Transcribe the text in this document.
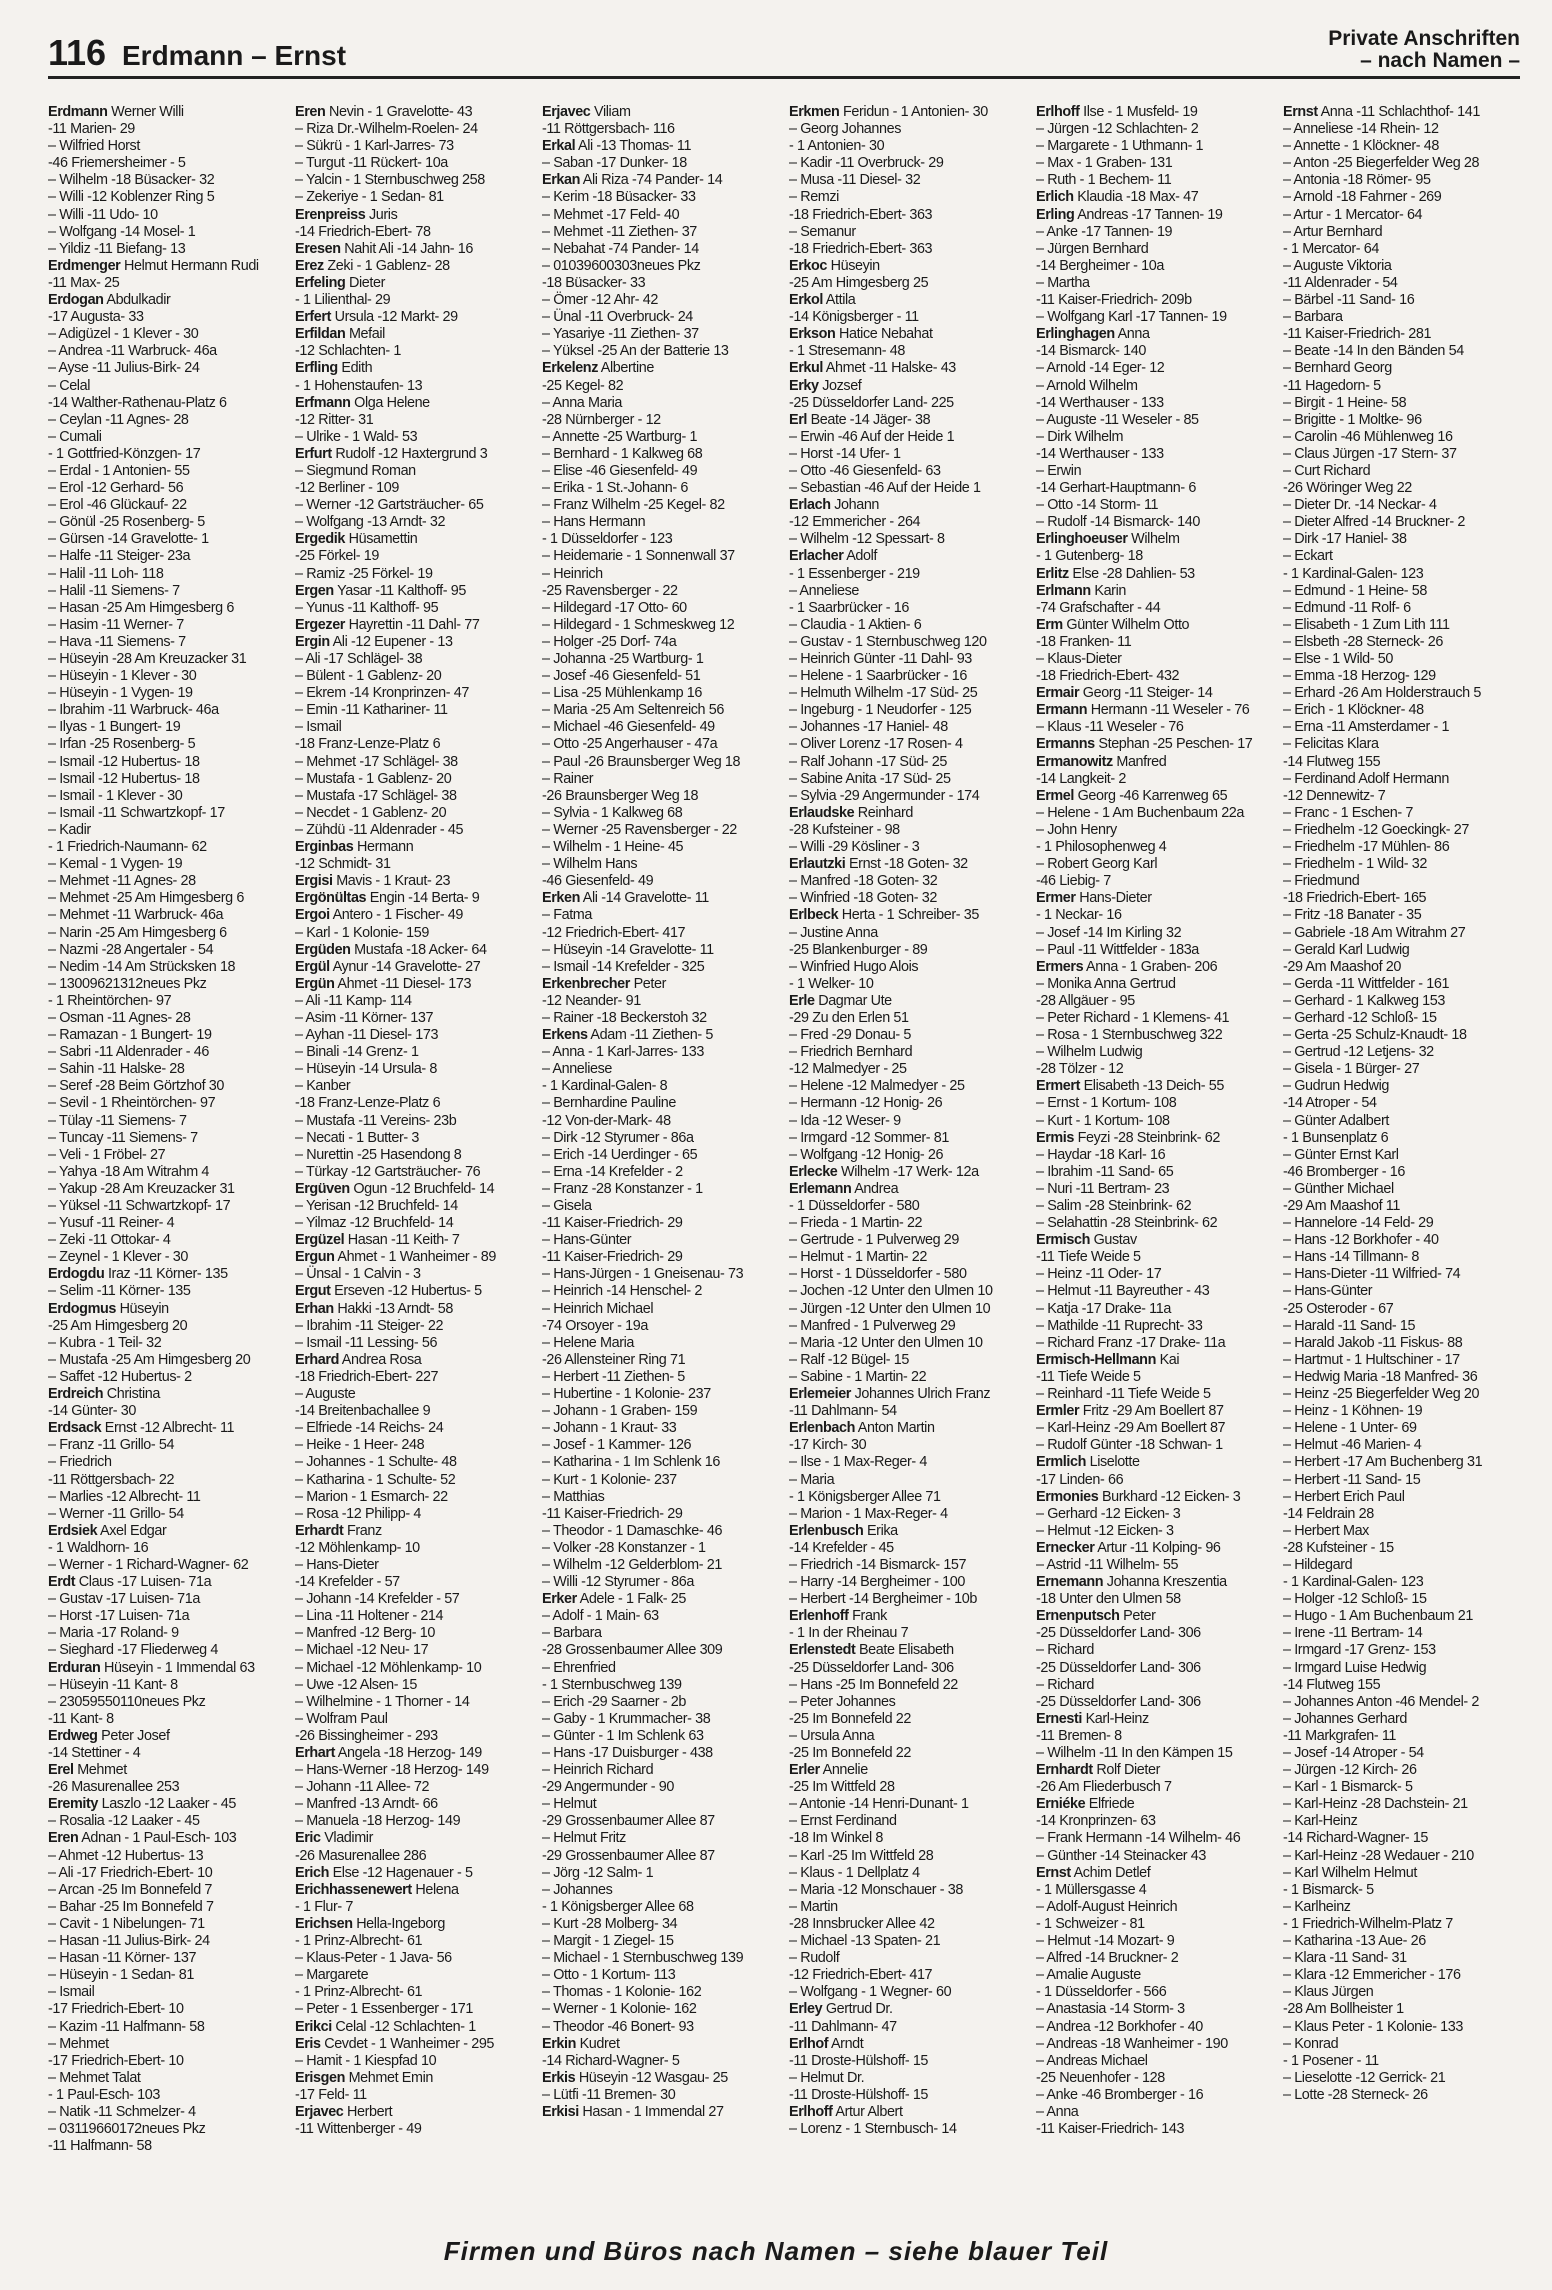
116 Erdmann – Ernst
Private Anschriften
– nach Namen –

Erdmann Werner Willi

-11 Marien- 29

– Wilfried Horst

-46 Friemersheimer - 5

– Wilhelm -18 Büsacker- 32

– Willi -12 Koblenzer Ring 5

– Willi -11 Udo- 10

– Wolfgang -14 Mosel- 1

– Yildiz -11 Biefang- 13

Erdmenger Helmut Hermann Rudi

-11 Max- 25

Erdogan Abdulkadir

-17 Augusta- 33

– Adigüzel - 1 Klever - 30

– Andrea -11 Warbruck- 46a

– Ayse -11 Julius-Birk- 24

– Celal

-14 Walther-Rathenau-Platz 6

– Ceylan -11 Agnes- 28

– Cumali

- 1 Gottfried-Könzgen- 17

– Erdal - 1 Antonien- 55

– Erol -12 Gerhard- 56

– Erol -46 Glückauf- 22

– Gönül -25 Rosenberg- 5

– Gürsen -14 Gravelotte- 1

– Halfe -11 Steiger- 23a

– Halil -11 Loh- 118

– Halil -11 Siemens- 7

– Hasan -25 Am Himgesberg 6

– Hasim -11 Werner- 7

– Hava -11 Siemens- 7

– Hüseyin -28 Am Kreuzacker 31

– Hüseyin - 1 Klever - 30

– Hüseyin - 1 Vygen- 19

– Ibrahim -11 Warbruck- 46a

– Ilyas - 1 Bungert- 19

– Irfan -25 Rosenberg- 5

– Ismail -12 Hubertus- 18

– Ismail -12 Hubertus- 18

– Ismail - 1 Klever - 30

– Ismail -11 Schwartzkopf- 17

– Kadir

- 1 Friedrich-Naumann- 62

– Kemal - 1 Vygen- 19

– Mehmet -11 Agnes- 28

– Mehmet -25 Am Himgesberg 6

– Mehmet -11 Warbruck- 46a

– Narin -25 Am Himgesberg 6

– Nazmi -28 Angertaler - 54

– Nedim -14 Am Strücksken 18

– 13009621312neues Pkz

- 1 Rheintörchen- 97

– Osman -11 Agnes- 28

– Ramazan - 1 Bungert- 19

– Sabri -11 Aldenrader - 46

– Sahin -11 Halske- 28

– Seref -28 Beim Görtzhof 30

– Sevil - 1 Rheintörchen- 97

– Tülay -11 Siemens- 7

– Tuncay -11 Siemens- 7

– Veli - 1 Fröbel- 27

– Yahya -18 Am Witrahm 4

– Yakup -28 Am Kreuzacker 31

– Yüksel -11 Schwartzkopf- 17

– Yusuf -11 Reiner- 4

– Zeki -11 Ottokar- 4

– Zeynel - 1 Klever - 30

Erdogdu Iraz -11 Körner- 135

– Selim -11 Körner- 135

Erdogmus Hüseyin

-25 Am Himgesberg 20

– Kubra - 1 Teil- 32

– Mustafa -25 Am Himgesberg 20

– Saffet -12 Hubertus- 2

Erdreich Christina

-14 Günter- 30

Erdsack Ernst -12 Albrecht- 11

– Franz -11 Grillo- 54

– Friedrich

-11 Röttgersbach- 22

– Marlies -12 Albrecht- 11

– Werner -11 Grillo- 54

Erdsiek Axel Edgar

- 1 Waldhorn- 16

– Werner - 1 Richard-Wagner- 62

Erdt Claus -17 Luisen- 71a

– Gustav -17 Luisen- 71a

– Horst -17 Luisen- 71a

– Maria -17 Roland- 9

– Sieghard -17 Fliederweg 4

Erduran Hüseyin - 1 Immendal 63

– Hüseyin -11 Kant- 8

– 23059550110neues Pkz

-11 Kant- 8

Erdweg Peter Josef

-14 Stettiner - 4

Erel Mehmet

-26 Masurenallee 253

Eremity Laszlo -12 Laaker - 45

– Rosalia -12 Laaker - 45

Eren Adnan - 1 Paul-Esch- 103

– Ahmet -12 Hubertus- 13

– Ali -17 Friedrich-Ebert- 10

– Arcan -25 Im Bonnefeld 7

– Bahar -25 Im Bonnefeld 7

– Cavit - 1 Nibelungen- 71

– Hasan -11 Julius-Birk- 24

– Hasan -11 Körner- 137

– Hüseyin - 1 Sedan- 81

– Ismail

-17 Friedrich-Ebert- 10

– Kazim -11 Halfmann- 58

– Mehmet

-17 Friedrich-Ebert- 10

– Mehmet Talat

- 1 Paul-Esch- 103

– Natik -11 Schmelzer- 4

– 03119660172neues Pkz

-11 Halfmann- 58

Eren Nevin - 1 Gravelotte- 43

– Riza Dr.-Wilhelm-Roelen- 24

– Sükrü - 1 Karl-Jarres- 73

– Turgut -11 Rückert- 10a

– Yalcin - 1 Sternbuschweg 258

– Zekeriye - 1 Sedan- 81

Erenpreiss Juris

-14 Friedrich-Ebert- 78

Eresen Nahit Ali -14 Jahn- 16

Erez Zeki - 1 Gablenz- 28

Erfeling Dieter

- 1 Lilienthal- 29

Erfert Ursula -12 Markt- 29

Erfildan Mefail

-12 Schlachten- 1

Erfling Edith

- 1 Hohenstaufen- 13

Erfmann Olga Helene

-12 Ritter- 31

– Ulrike - 1 Wald- 53

Erfurt Rudolf -12 Haxtergrund 3

– Siegmund Roman

-12 Berliner - 109

– Werner -12 Gartsträucher- 65

– Wolfgang -13 Arndt- 32

Ergedik Hüsamettin

-25 Förkel- 19

– Ramiz -25 Förkel- 19

Ergen Yasar -11 Kalthoff- 95

– Yunus -11 Kalthoff- 95

Ergezer Hayrettin -11 Dahl- 77

Ergin Ali -12 Eupener - 13

– Ali -17 Schlägel- 38

– Bülent - 1 Gablenz- 20

– Ekrem -14 Kronprinzen- 47

– Emin -11 Kathariner- 11

– Ismail

-18 Franz-Lenze-Platz 6

– Mehmet -17 Schlägel- 38

– Mustafa - 1 Gablenz- 20

– Mustafa -17 Schlägel- 38

– Necdet - 1 Gablenz- 20

– Zühdü -11 Aldenrader - 45

Erginbas Hermann

-12 Schmidt- 31

Ergisi Mavis - 1 Kraut- 23

Ergönültas Engin -14 Berta- 9

Ergoi Antero - 1 Fischer- 49

– Karl - 1 Kolonie- 159

Ergüden Mustafa -18 Acker- 64

Ergül Aynur -14 Gravelotte- 27

Ergün Ahmet -11 Diesel- 173

– Ali -11 Kamp- 114

– Asim -11 Körner- 137

– Ayhan -11 Diesel- 173

– Binali -14 Grenz- 1

– Hüseyin -14 Ursula- 8

– Kanber

-18 Franz-Lenze-Platz 6

– Mustafa -11 Vereins- 23b

– Necati - 1 Butter- 3

– Nurettin -25 Hasendong 8

– Türkay -12 Gartsträucher- 76

Ergüven Ogun -12 Bruchfeld- 14

– Yerisan -12 Bruchfeld- 14

– Yilmaz -12 Bruchfeld- 14

Ergüzel Hasan -11 Keith- 7

Ergun Ahmet - 1 Wanheimer - 89

– Ünsal - 1 Calvin - 3

Ergut Erseven -12 Hubertus- 5

Erhan Hakki -13 Arndt- 58

– Ibrahim -11 Steiger- 22

– Ismail -11 Lessing- 56

Erhard Andrea Rosa

-18 Friedrich-Ebert- 227

– Auguste

-14 Breitenbachallee 9

– Elfriede -14 Reichs- 24

– Heike - 1 Heer- 248

– Johannes - 1 Schulte- 48

– Katharina - 1 Schulte- 52

– Marion - 1 Esmarch- 22

– Rosa -12 Philipp- 4

Erhardt Franz

-12 Möhlenkamp- 10

– Hans-Dieter

-14 Krefelder - 57

– Johann -14 Krefelder - 57

– Lina -11 Holtener - 214

– Manfred -12 Berg- 10

– Michael -12 Neu- 17

– Michael -12 Möhlenkamp- 10

– Uwe -12 Alsen- 15

– Wilhelmine - 1 Thorner - 14

– Wolfram Paul

-26 Bissingheimer - 293

Erhart Angela -18 Herzog- 149

– Hans-Werner -18 Herzog- 149

– Johann -11 Allee- 72

– Manfred -13 Arndt- 66

– Manuela -18 Herzog- 149

Eric Vladimir

-26 Masurenallee 286

Erich Else -12 Hagenauer - 5

Erichhassenewert Helena

- 1 Flur- 7

Erichsen Hella-Ingeborg

- 1 Prinz-Albrecht- 61

– Klaus-Peter - 1 Java- 56

– Margarete

- 1 Prinz-Albrecht- 61

– Peter - 1 Essenberger - 171

Erikci Celal -12 Schlachten- 1

Eris Cevdet - 1 Wanheimer - 295

– Hamit - 1 Kiespfad 10

Erisgen Mehmet Emin

-17 Feld- 11

Erjavec Herbert

-11 Wittenberger - 49

Erjavec Viliam

-11 Röttgersbach- 116

Erkal Ali -13 Thomas- 11

– Saban -17 Dunker- 18

Erkan Ali Riza -74 Pander- 14

– Kerim -18 Büsacker- 33

– Mehmet -17 Feld- 40

– Mehmet -11 Ziethen- 37

– Nebahat -74 Pander- 14

– 01039600303neues Pkz

-18 Büsacker- 33

– Ömer -12 Ahr- 42

– Ünal -11 Overbruck- 24

– Yasariye -11 Ziethen- 37

– Yüksel -25 An der Batterie 13

Erkelenz Albertine

-25 Kegel- 82

– Anna Maria

-28 Nürnberger - 12

– Annette -25 Wartburg- 1

– Bernhard - 1 Kalkweg 68

– Elise -46 Giesenfeld- 49

– Erika - 1 St.-Johann- 6

– Franz Wilhelm -25 Kegel- 82

– Hans Hermann

- 1 Düsseldorfer - 123

– Heidemarie - 1 Sonnenwall 37

– Heinrich

-25 Ravensberger - 22

– Hildegard -17 Otto- 60

– Hildegard - 1 Schmeskweg 12

– Holger -25 Dorf- 74a

– Johanna -25 Wartburg- 1

– Josef -46 Giesenfeld- 51

– Lisa -25 Mühlenkamp 16

– Maria -25 Am Seltenreich 56

– Michael -46 Giesenfeld- 49

– Otto -25 Angerhauser - 47a

– Paul -26 Braunsberger Weg 18

– Rainer

-26 Braunsberger Weg 18

– Sylvia - 1 Kalkweg 68

– Werner -25 Ravensberger - 22

– Wilhelm - 1 Heine- 45

– Wilhelm Hans

-46 Giesenfeld- 49

Erken Ali -14 Gravelotte- 11

– Fatma

-12 Friedrich-Ebert- 417

– Hüseyin -14 Gravelotte- 11

– Ismail -14 Krefelder - 325

Erkenbrecher Peter

-12 Neander- 91

– Rainer -18 Beckerstoh 32

Erkens Adam -11 Ziethen- 5

– Anna - 1 Karl-Jarres- 133

– Anneliese

- 1 Kardinal-Galen- 8

– Bernhardine Pauline

-12 Von-der-Mark- 48

– Dirk -12 Styrumer - 86a

– Erich -14 Uerdinger - 65

– Erna -14 Krefelder - 2

– Franz -28 Konstanzer - 1

– Gisela

-11 Kaiser-Friedrich- 29

– Hans-Günter

-11 Kaiser-Friedrich- 29

– Hans-Jürgen - 1 Gneisenau- 73

– Heinrich -14 Henschel- 2

– Heinrich Michael

-74 Orsoyer - 19a

– Helene Maria

-26 Allensteiner Ring 71

– Herbert -11 Ziethen- 5

– Hubertine - 1 Kolonie- 237

– Johann - 1 Graben- 159

– Johann - 1 Kraut- 33

– Josef - 1 Kammer- 126

– Katharina - 1 Im Schlenk 16

– Kurt - 1 Kolonie- 237

– Matthias

-11 Kaiser-Friedrich- 29

– Theodor - 1 Damaschke- 46

– Volker -28 Konstanzer - 1

– Wilhelm -12 Gelderblom- 21

– Willi -12 Styrumer - 86a

Erker Adele - 1 Falk- 25

– Adolf - 1 Main- 63

– Barbara

-28 Grossenbaumer Allee 309

– Ehrenfried

- 1 Sternbuschweg 139

– Erich -29 Saarner - 2b

– Gaby - 1 Krummacher- 38

– Günter - 1 Im Schlenk 63

– Hans -17 Duisburger - 438

– Heinrich Richard

-29 Angermunder - 90

– Helmut

-29 Grossenbaumer Allee 87

– Helmut Fritz

-29 Grossenbaumer Allee 87

– Jörg -12 Salm- 1

– Johannes

- 1 Königsberger Allee 68

– Kurt -28 Molberg- 34

– Margit - 1 Ziegel- 15

– Michael - 1 Sternbuschweg 139

– Otto - 1 Kortum- 113

– Thomas - 1 Kolonie- 162

– Werner - 1 Kolonie- 162

– Theodor -46 Bonert- 93

Erkin Kudret

-14 Richard-Wagner- 5

Erkis Hüseyin -12 Wasgau- 25

– Lütfi -11 Bremen- 30

Erkisi Hasan - 1 Immendal 27

Erkmen Feridun - 1 Antonien- 30

– Georg Johannes

- 1 Antonien- 30

– Kadir -11 Overbruck- 29

– Musa -11 Diesel- 32

– Remzi

-18 Friedrich-Ebert- 363

– Semanur

-18 Friedrich-Ebert- 363

Erkoc Hüseyin

-25 Am Himgesberg 25

Erkol Attila

-14 Königsberger - 11

Erkson Hatice Nebahat

- 1 Stresemann- 48

Erkul Ahmet -11 Halske- 43

Erky Jozsef

-25 Düsseldorfer Land- 225

Erl Beate -14 Jäger- 38

– Erwin -46 Auf der Heide 1

– Horst -14 Ufer- 1

– Otto -46 Giesenfeld- 63

– Sebastian -46 Auf der Heide 1

Erlach Johann

-12 Emmericher - 264

– Wilhelm -12 Spessart- 8

Erlacher Adolf

- 1 Essenberger - 219

– Anneliese

- 1 Saarbrücker - 16

– Claudia - 1 Aktien- 6

– Gustav - 1 Sternbuschweg 120

– Heinrich Günter -11 Dahl- 93

– Helene - 1 Saarbrücker - 16

– Helmuth Wilhelm -17 Süd- 25

– Ingeburg - 1 Neudorfer - 125

– Johannes -17 Haniel- 48

– Oliver Lorenz -17 Rosen- 4

– Ralf Johann -17 Süd- 25

– Sabine Anita -17 Süd- 25

– Sylvia -29 Angermunder - 174

Erlaudske Reinhard

-28 Kufsteiner - 98

– Willi -29 Kösliner - 3

Erlautzki Ernst -18 Goten- 32

– Manfred -18 Goten- 32

– Winfried -18 Goten- 32

Erlbeck Herta - 1 Schreiber- 35

– Justine Anna

-25 Blankenburger - 89

– Winfried Hugo Alois

- 1 Welker- 10

Erle Dagmar Ute

-29 Zu den Erlen 51

– Fred -29 Donau- 5

– Friedrich Bernhard

-12 Malmedyer - 25

– Helene -12 Malmedyer - 25

– Hermann -12 Honig- 26

– Ida -12 Weser- 9

– Irmgard -12 Sommer- 81

– Wolfgang -12 Honig- 26

Erlecke Wilhelm -17 Werk- 12a

Erlemann Andrea

- 1 Düsseldorfer - 580

– Frieda - 1 Martin- 22

– Gertrude - 1 Pulverweg 29

– Helmut - 1 Martin- 22

– Horst - 1 Düsseldorfer - 580

– Jochen -12 Unter den Ulmen 10

– Jürgen -12 Unter den Ulmen 10

– Manfred - 1 Pulverweg 29

– Maria -12 Unter den Ulmen 10

– Ralf -12 Bügel- 15

– Sabine - 1 Martin- 22

Erlemeier Johannes Ulrich Franz

-11 Dahlmann- 54

Erlenbach Anton Martin

-17 Kirch- 30

– Ilse - 1 Max-Reger- 4

– Maria

- 1 Königsberger Allee 71

– Marion - 1 Max-Reger- 4

Erlenbusch Erika

-14 Krefelder - 45

– Friedrich -14 Bismarck- 157

– Harry -14 Bergheimer - 100

– Herbert -14 Bergheimer - 10b

Erlenhoff Frank

- 1 In der Rheinau 7

Erlenstedt Beate Elisabeth

-25 Düsseldorfer Land- 306

– Hans -25 Im Bonnefeld 22

– Peter Johannes

-25 Im Bonnefeld 22

– Ursula Anna

-25 Im Bonnefeld 22

Erler Annelie

-25 Im Wittfeld 28

– Antonie -14 Henri-Dunant- 1

– Ernst Ferdinand

-18 Im Winkel 8

– Karl -25 Im Wittfeld 28

– Klaus - 1 Dellplatz 4

– Maria -12 Monschauer - 38

– Martin

-28 Innsbrucker Allee 42

– Michael -13 Spaten- 21

– Rudolf

-12 Friedrich-Ebert- 417

– Wolfgang - 1 Wegner- 60

Erley Gertrud Dr.

-11 Dahlmann- 47

Erlhof Arndt

-11 Droste-Hülshoff- 15

– Helmut Dr.

-11 Droste-Hülshoff- 15

Erlhoff Artur Albert

– Lorenz - 1 Sternbusch- 14

Erlhoff Ilse - 1 Musfeld- 19

– Jürgen -12 Schlachten- 2

– Margarete - 1 Uthmann- 1

– Max - 1 Graben- 131

– Ruth - 1 Bechem- 11

Erlich Klaudia -18 Max- 47

Erling Andreas -17 Tannen- 19

– Anke -17 Tannen- 19

– Jürgen Bernhard

-14 Bergheimer - 10a

– Martha

-11 Kaiser-Friedrich- 209b

– Wolfgang Karl -17 Tannen- 19

Erlinghagen Anna

-14 Bismarck- 140

– Arnold -14 Eger- 12

– Arnold Wilhelm

-14 Werthauser - 133

– Auguste -11 Weseler - 85

– Dirk Wilhelm

-14 Werthauser - 133

– Erwin

-14 Gerhart-Hauptmann- 6

– Otto -14 Storm- 11

– Rudolf -14 Bismarck- 140

Erlinghoeuser Wilhelm

- 1 Gutenberg- 18

Erlitz Else -28 Dahlien- 53

Erlmann Karin

-74 Grafschafter - 44

Erm Günter Wilhelm Otto

-18 Franken- 11

– Klaus-Dieter

-18 Friedrich-Ebert- 432

Ermair Georg -11 Steiger- 14

Ermann Hermann -11 Weseler - 76

– Klaus -11 Weseler - 76

Ermanns Stephan -25 Peschen- 17

Ermanowitz Manfred

-14 Langkeit- 2

Ermel Georg -46 Karrenweg 65

– Helene - 1 Am Buchenbaum 22a

– John Henry

- 1 Philosophenweg 4

– Robert Georg Karl

-46 Liebig- 7

Ermer Hans-Dieter

- 1 Neckar- 16

– Josef -14 Im Kirling 32

– Paul -11 Wittfelder - 183a

Ermers Anna - 1 Graben- 206

– Monika Anna Gertrud

-28 Allgäuer - 95

– Peter Richard - 1 Klemens- 41

– Rosa - 1 Sternbuschweg 322

– Wilhelm Ludwig

-28 Tölzer - 12

Ermert Elisabeth -13 Deich- 55

– Ernst - 1 Kortum- 108

– Kurt - 1 Kortum- 108

Ermis Feyzi -28 Steinbrink- 62

– Haydar -18 Karl- 16

– Ibrahim -11 Sand- 65

– Nuri -11 Bertram- 23

– Salim -28 Steinbrink- 62

– Selahattin -28 Steinbrink- 62

Ermisch Gustav

-11 Tiefe Weide 5

– Heinz -11 Oder- 17

– Helmut -11 Bayreuther - 43

– Katja -17 Drake- 11a

– Mathilde -11 Ruprecht- 33

– Richard Franz -17 Drake- 11a

Ermisch-Hellmann Kai

-11 Tiefe Weide 5

– Reinhard -11 Tiefe Weide 5

Ermler Fritz -29 Am Boellert 87

– Karl-Heinz -29 Am Boellert 87

– Rudolf Günter -18 Schwan- 1

Ermlich Liselotte

-17 Linden- 66

Ermonies Burkhard -12 Eicken- 3

– Gerhard -12 Eicken- 3

– Helmut -12 Eicken- 3

Ernecker Artur -11 Kolping- 96

– Astrid -11 Wilhelm- 55

Ernemann Johanna Kreszentia

-18 Unter den Ulmen 58

Ernenputsch Peter

-25 Düsseldorfer Land- 306

– Richard

-25 Düsseldorfer Land- 306

– Richard

-25 Düsseldorfer Land- 306

Ernesti Karl-Heinz

-11 Bremen- 8

– Wilhelm -11 In den Kämpen 15

Ernhardt Rolf Dieter

-26 Am Fliederbusch 7

Erniéke Elfriede

-14 Kronprinzen- 63

– Frank Hermann -14 Wilhelm- 46

– Günther -14 Steinacker 43

Ernst Achim Detlef

- 1 Müllersgasse 4

– Adolf-August Heinrich

- 1 Schweizer - 81

– Helmut -14 Mozart- 9

– Alfred -14 Bruckner- 2

– Amalie Auguste

- 1 Düsseldorfer - 566

– Anastasia -14 Storm- 3

– Andrea -12 Borkhofer - 40

– Andreas -18 Wanheimer - 190

– Andreas Michael

-25 Neuenhofer - 128

– Anke -46 Bromberger - 16

– Anna

-11 Kaiser-Friedrich- 143

Ernst Anna -11 Schlachthof- 141

– Anneliese -14 Rhein- 12

– Annette - 1 Klöckner- 48

– Anton -25 Biegerfelder Weg 28

– Antonia -18 Römer- 95

– Arnold -18 Fahrner - 269

– Artur - 1 Mercator- 64

– Artur Bernhard

- 1 Mercator- 64

– Auguste Viktoria

-11 Aldenrader - 54

– Bärbel -11 Sand- 16

– Barbara

-11 Kaiser-Friedrich- 281

– Beate -14 In den Bänden 54

– Bernhard Georg

-11 Hagedorn- 5

– Birgit - 1 Heine- 58

– Brigitte - 1 Moltke- 96

– Carolin -46 Mühlenweg 16

– Claus Jürgen -17 Stern- 37

– Curt Richard

-26 Wöringer Weg 22

– Dieter Dr. -14 Neckar- 4

– Dieter Alfred -14 Bruckner- 2

– Dirk -17 Haniel- 38

– Eckart

- 1 Kardinal-Galen- 123

– Edmund - 1 Heine- 58

– Edmund -11 Rolf- 6

– Elisabeth - 1 Zum Lith 111

– Elsbeth -28 Sterneck- 26

– Else - 1 Wild- 50

– Emma -18 Herzog- 129

– Erhard -26 Am Holderstrauch 5

– Erich - 1 Klöckner- 48

– Erna -11 Amsterdamer - 1

– Felicitas Klara

-14 Flutweg 155

– Ferdinand Adolf Hermann

-12 Dennewitz- 7

– Franc - 1 Eschen- 7

– Friedhelm -12 Goeckingk- 27

– Friedhelm -17 Mühlen- 86

– Friedhelm - 1 Wild- 32

– Friedmund

-18 Friedrich-Ebert- 165

– Fritz -18 Banater - 35

– Gabriele -18 Am Witrahm 27

– Gerald Karl Ludwig

-29 Am Maashof 20

– Gerda -11 Wittfelder - 161

– Gerhard - 1 Kalkweg 153

– Gerhard -12 Schloß- 15

– Gerta -25 Schulz-Knaudt- 18

– Gertrud -12 Letjens- 32

– Gisela - 1 Bürger- 27

– Gudrun Hedwig

-14 Atroper - 54

– Günter Adalbert

- 1 Bunsenplatz 6

– Günter Ernst Karl

-46 Bromberger - 16

– Günther Michael

-29 Am Maashof 11

– Hannelore -14 Feld- 29

– Hans -12 Borkhofer - 40

– Hans -14 Tillmann- 8

– Hans-Dieter -11 Wilfried- 74

– Hans-Günter

-25 Osteroder - 67

– Harald -11 Sand- 15

– Harald Jakob -11 Fiskus- 88

– Hartmut - 1 Hultschiner - 17

– Hedwig Maria -18 Manfred- 36

– Heinz -25 Biegerfelder Weg 20

– Heinz - 1 Köhnen- 19

– Helene - 1 Unter- 69

– Helmut -46 Marien- 4

– Herbert -17 Am Buchenberg 31

– Herbert -11 Sand- 15

– Herbert Erich Paul

-14 Feldrain 28

– Herbert Max

-28 Kufsteiner - 15

– Hildegard

- 1 Kardinal-Galen- 123

– Holger -12 Schloß- 15

– Hugo - 1 Am Buchenbaum 21

– Irene -11 Bertram- 14

– Irmgard -17 Grenz- 153

– Irmgard Luise Hedwig

-14 Flutweg 155

– Johannes Anton -46 Mendel- 2

– Johannes Gerhard

-11 Markgrafen- 11

– Josef -14 Atroper - 54

– Jürgen -12 Kirch- 26

– Karl - 1 Bismarck- 5

– Karl-Heinz -28 Dachstein- 21

– Karl-Heinz

-14 Richard-Wagner- 15

– Karl-Heinz -28 Wedauer - 210

– Karl Wilhelm Helmut

- 1 Bismarck- 5

– Karlheinz

- 1 Friedrich-Wilhelm-Platz 7

– Katharina -13 Aue- 26

– Klara -11 Sand- 31

– Klara -12 Emmericher - 176

– Klaus Jürgen

-28 Am Bollheister 1

– Klaus Peter - 1 Kolonie- 133

– Konrad

- 1 Posener - 11

– Lieselotte -12 Gerrick- 21

– Lotte -28 Sterneck- 26

Firmen und Büros nach Namen – siehe blauer Teil
